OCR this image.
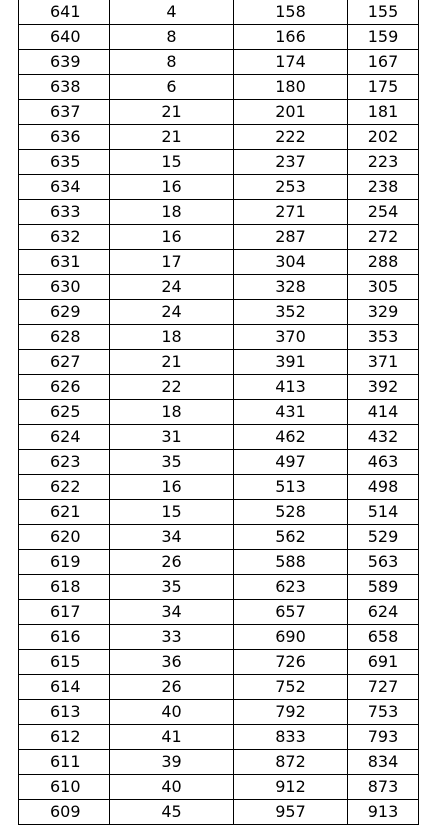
641	4	158	155
640	8	166	159
639	8	174	167
638	6	180	175
637	21	201	181
636	21	222	202
635	15	237	223
634	16	253	238
633	18	271	254
632	16	287	272
631	17	304	288
630	24	328	305
629	24	352	329
628	18	370	353
627	21	391	371
626	22	413	392
625	18	431	414
624	31	462	432
623	35	497	463
622	16	513	498
621	15	528	514
620	34	562	529
619	26	588	563
618	35	623	589
617	34	657	624
616	33	690	658
615	36	726	691
614	26	752	727
613	40	792	753
612	41	833	793
611	39	872	834
610	40	912	873
609	45	957	913
